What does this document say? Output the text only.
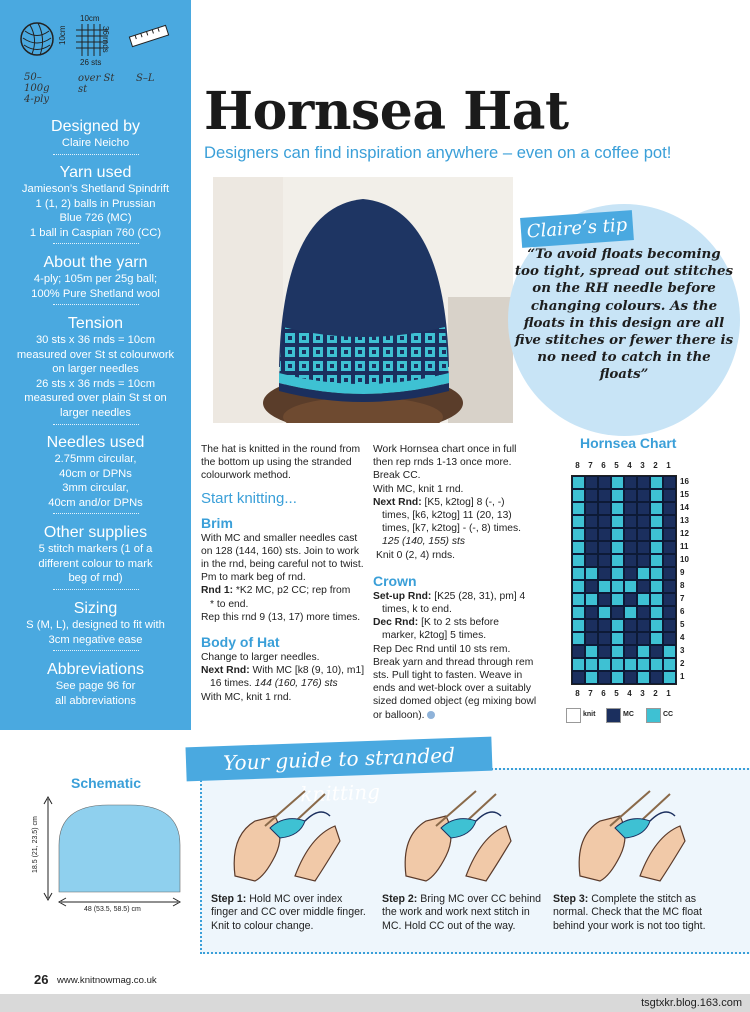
10cm
10cm	36 rnds
26 sts
50–100g 4-ply
over St st
S–L
Designed by
Claire Neicho
Yarn used
Jamieson’s Shetland Spindrift
1 (1, 2) balls in Prussian
Blue 726 (MC)
1 ball in Caspian 760 (CC)
About the yarn
4-ply; 105m per 25g ball;
100% Pure Shetland wool
Tension
30 sts x 36 rnds = 10cm
measured over St st colourwork
on larger needles
26 sts x 36 rnds = 10cm
measured over plain St st on
larger needles
Needles used
2.75mm circular,
40cm or DPNs
3mm circular,
40cm and/or DPNs
Other supplies
5 stitch markers (1 of a
different colour to mark
beg of rnd)
Sizing
S (M, L), designed to fit with
3cm negative ease
Abbreviations
See page 96 for
all abbreviations
Hornsea Hat
Designers can find inspiration anywhere – even on a coffee pot!
Claire’s tip
“To avoid floats becoming too tight, spread out stitches on the RH needle before changing colours. As the floats in this design are all five stitches or fewer there is no need to catch in the floats”

The hat is knitted in the round from the bottom up using the stranded colourwork method.

Start knitting...

Brim

With MC and smaller needles cast on 128 (144, 160) sts. Join to work in the rnd, being careful not to twist. Pm to mark beg of rnd.

Rnd 1: *K2 MC, p2 CC; rep from

* to end.

Rep this rnd 9 (13, 17) more times.

Body of Hat

Change to larger needles.

Next Rnd: With MC [k8 (9, 10), m1]

16 times. 144 (160, 176) sts

With MC, knit 1 rnd.

Work Hornsea chart once in full then rep rnds 1-13 once more.

Break CC.

With MC, knit 1 rnd.

Next Rnd: [K5, k2tog] 8 (-, -)

times, [k6, k2tog] 11 (20, 13)

times, [k7, k2tog] - (-, 8) times.

125 (140, 155) sts

Knit 0 (2, 4) rnds.

Crown

Set-up Rnd: [K25 (28, 31), pm] 4

times, k to end.

Dec Rnd: [K to 2 sts before

marker, k2tog] 5 times.

Rep Dec Rnd until 10 sts rem.

Break yarn and thread through rem sts. Pull tight to fasten. Weave in ends and wet-block over a suitably sized domed object (eg mixing bowl or balloon).

Hornsea Chart
8	7	6	5	4	3	2	1
16
15
14
13
12
11
10
9
8
7
6
5
4
3
2
1
8	7	6	5	4	3	2	1
knit	MC	CC
Schematic
18.5 (21, 23.5) cm
48 (53.5, 58.5) cm
Your guide to stranded knitting
Step 1: Hold MC over index finger and CC over middle finger. Knit to colour change.
Step 2: Bring MC over CC behind the work and work next stitch in MC. Hold CC out of the way.
Step 3: Complete the stitch as normal. Check that the MC float behind your work is not too tight.
26 www.knitnowmag.co.uk
tsgtxkr.blog.163.com
